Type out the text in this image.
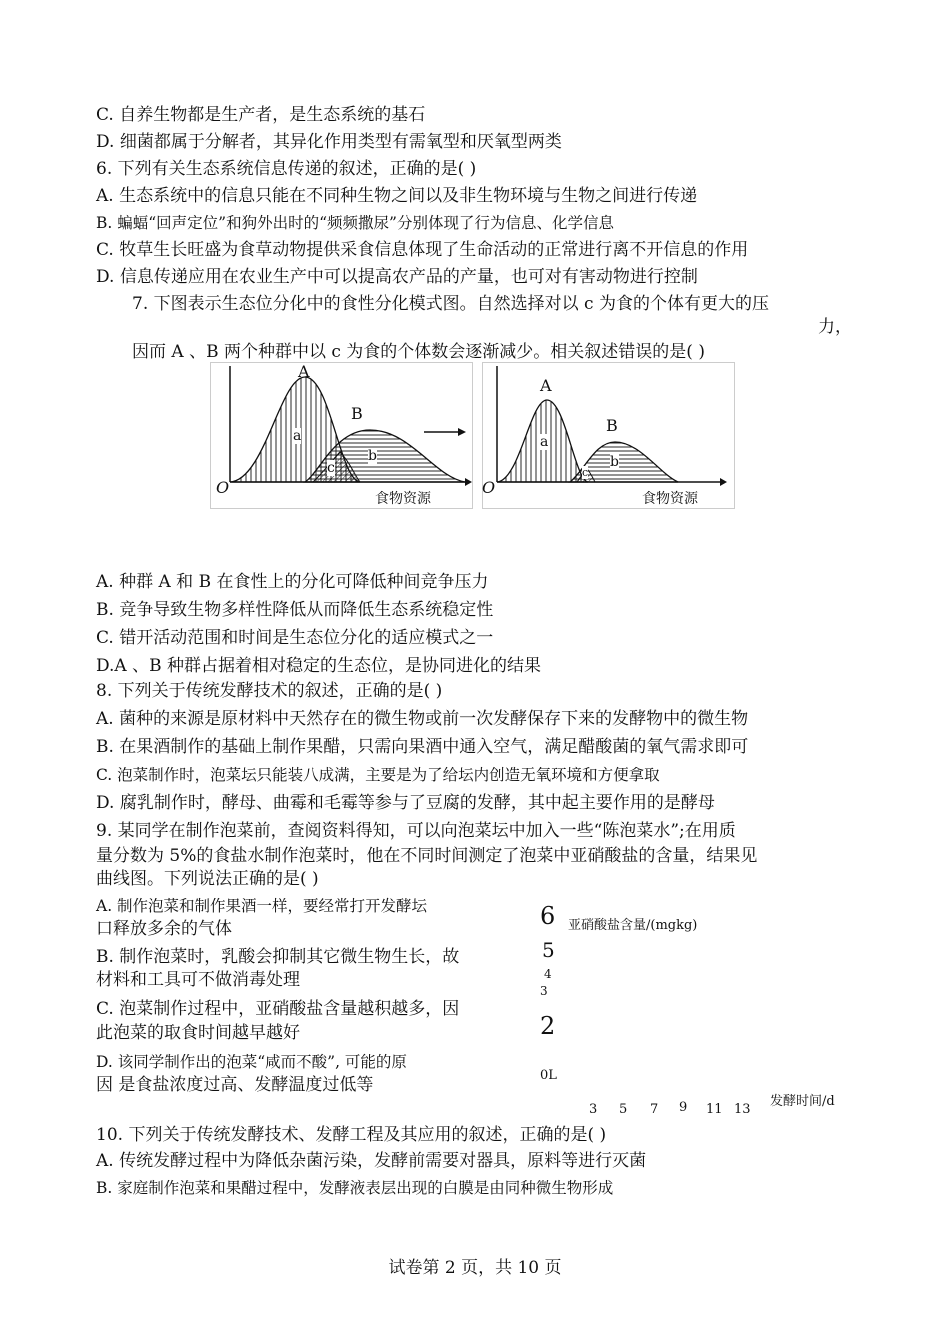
C. 自养生物都是生产者，是生态系统的基石
D. 细菌都属于分解者，其异化作用类型有需氧型和厌氧型两类
6. 下列有关生态系统信息传递的叙述，正确的是( )
A. 生态系统中的信息只能在不同种生物之间以及非生物环境与生物之间进行传递
B. 蝙蝠“回声定位”和狗外出时的“频频撒尿”分别体现了行为信息、化学信息
C. 牧草生长旺盛为食草动物提供采食信息体现了生命活动的正常进行离不开信息的作用
D. 信息传递应用在农业生产中可以提高农产品的产量，也可对有害动物进行控制
7. 下图表示生态位分化中的食性分化模式图。自然选择对以 c 为食的个体有更大的压
力，
因而 A 、B 两个种群中以 c 为食的个体数会逐渐减少。相关叙述错误的是( )
O
A
B
a
b
c
食物资源
O
A
B
a
b
c
食物资源
A. 种群 A 和 B 在食性上的分化可降低种间竞争压力
B. 竞争导致生物多样性降低从而降低生态系统稳定性
C. 错开活动范围和时间是生态位分化的适应模式之一
D.A 、B 种群占据着相对稳定的生态位，是协同进化的结果
8. 下列关于传统发酵技术的叙述，正确的是( )
A. 菌种的来源是原材料中天然存在的微生物或前一次发酵保存下来的发酵物中的微生物
B. 在果酒制作的基础上制作果醋，只需向果酒中通入空气，满足醋酸菌的氧气需求即可
C. 泡菜制作时，泡菜坛只能装八成满，主要是为了给坛内创造无氧环境和方便拿取
D. 腐乳制作时，酵母、曲霉和毛霉等参与了豆腐的发酵，其中起主要作用的是酵母
9. 某同学在制作泡菜前，查阅资料得知，可以向泡菜坛中加入一些“陈泡菜水”;在用质
量分数为 5%的食盐水制作泡菜时，他在不同时间测定了泡菜中亚硝酸盐的含量，结果见
曲线图。下列说法正确的是( )
A. 制作泡菜和制作果酒一样，要经常打开发酵坛
口释放多余的气体
B. 制作泡菜时，乳酸会抑制其它微生物生长，故
材料和工具可不做消毒处理
C. 泡菜制作过程中，亚硝酸盐含量越积越多，因
此泡菜的取食时间越早越好
D. 该同学制作出的泡菜“咸而不酸”, 可能的原
因 是食盐浓度过高、发酵温度过低等
6 亚硝酸盐含量/(mgkg)
5
4
3
2
0L
发酵时间/d
3 5 7 9 11 13
10. 下列关于传统发酵技术、发酵工程及其应用的叙述，正确的是( )
A. 传统发酵过程中为降低杂菌污染，发酵前需要对器具，原料等进行灭菌
B. 家庭制作泡菜和果醋过程中，发酵液表层出现的白膜是由同种微生物形成
试卷第 2 页，共 10 页
